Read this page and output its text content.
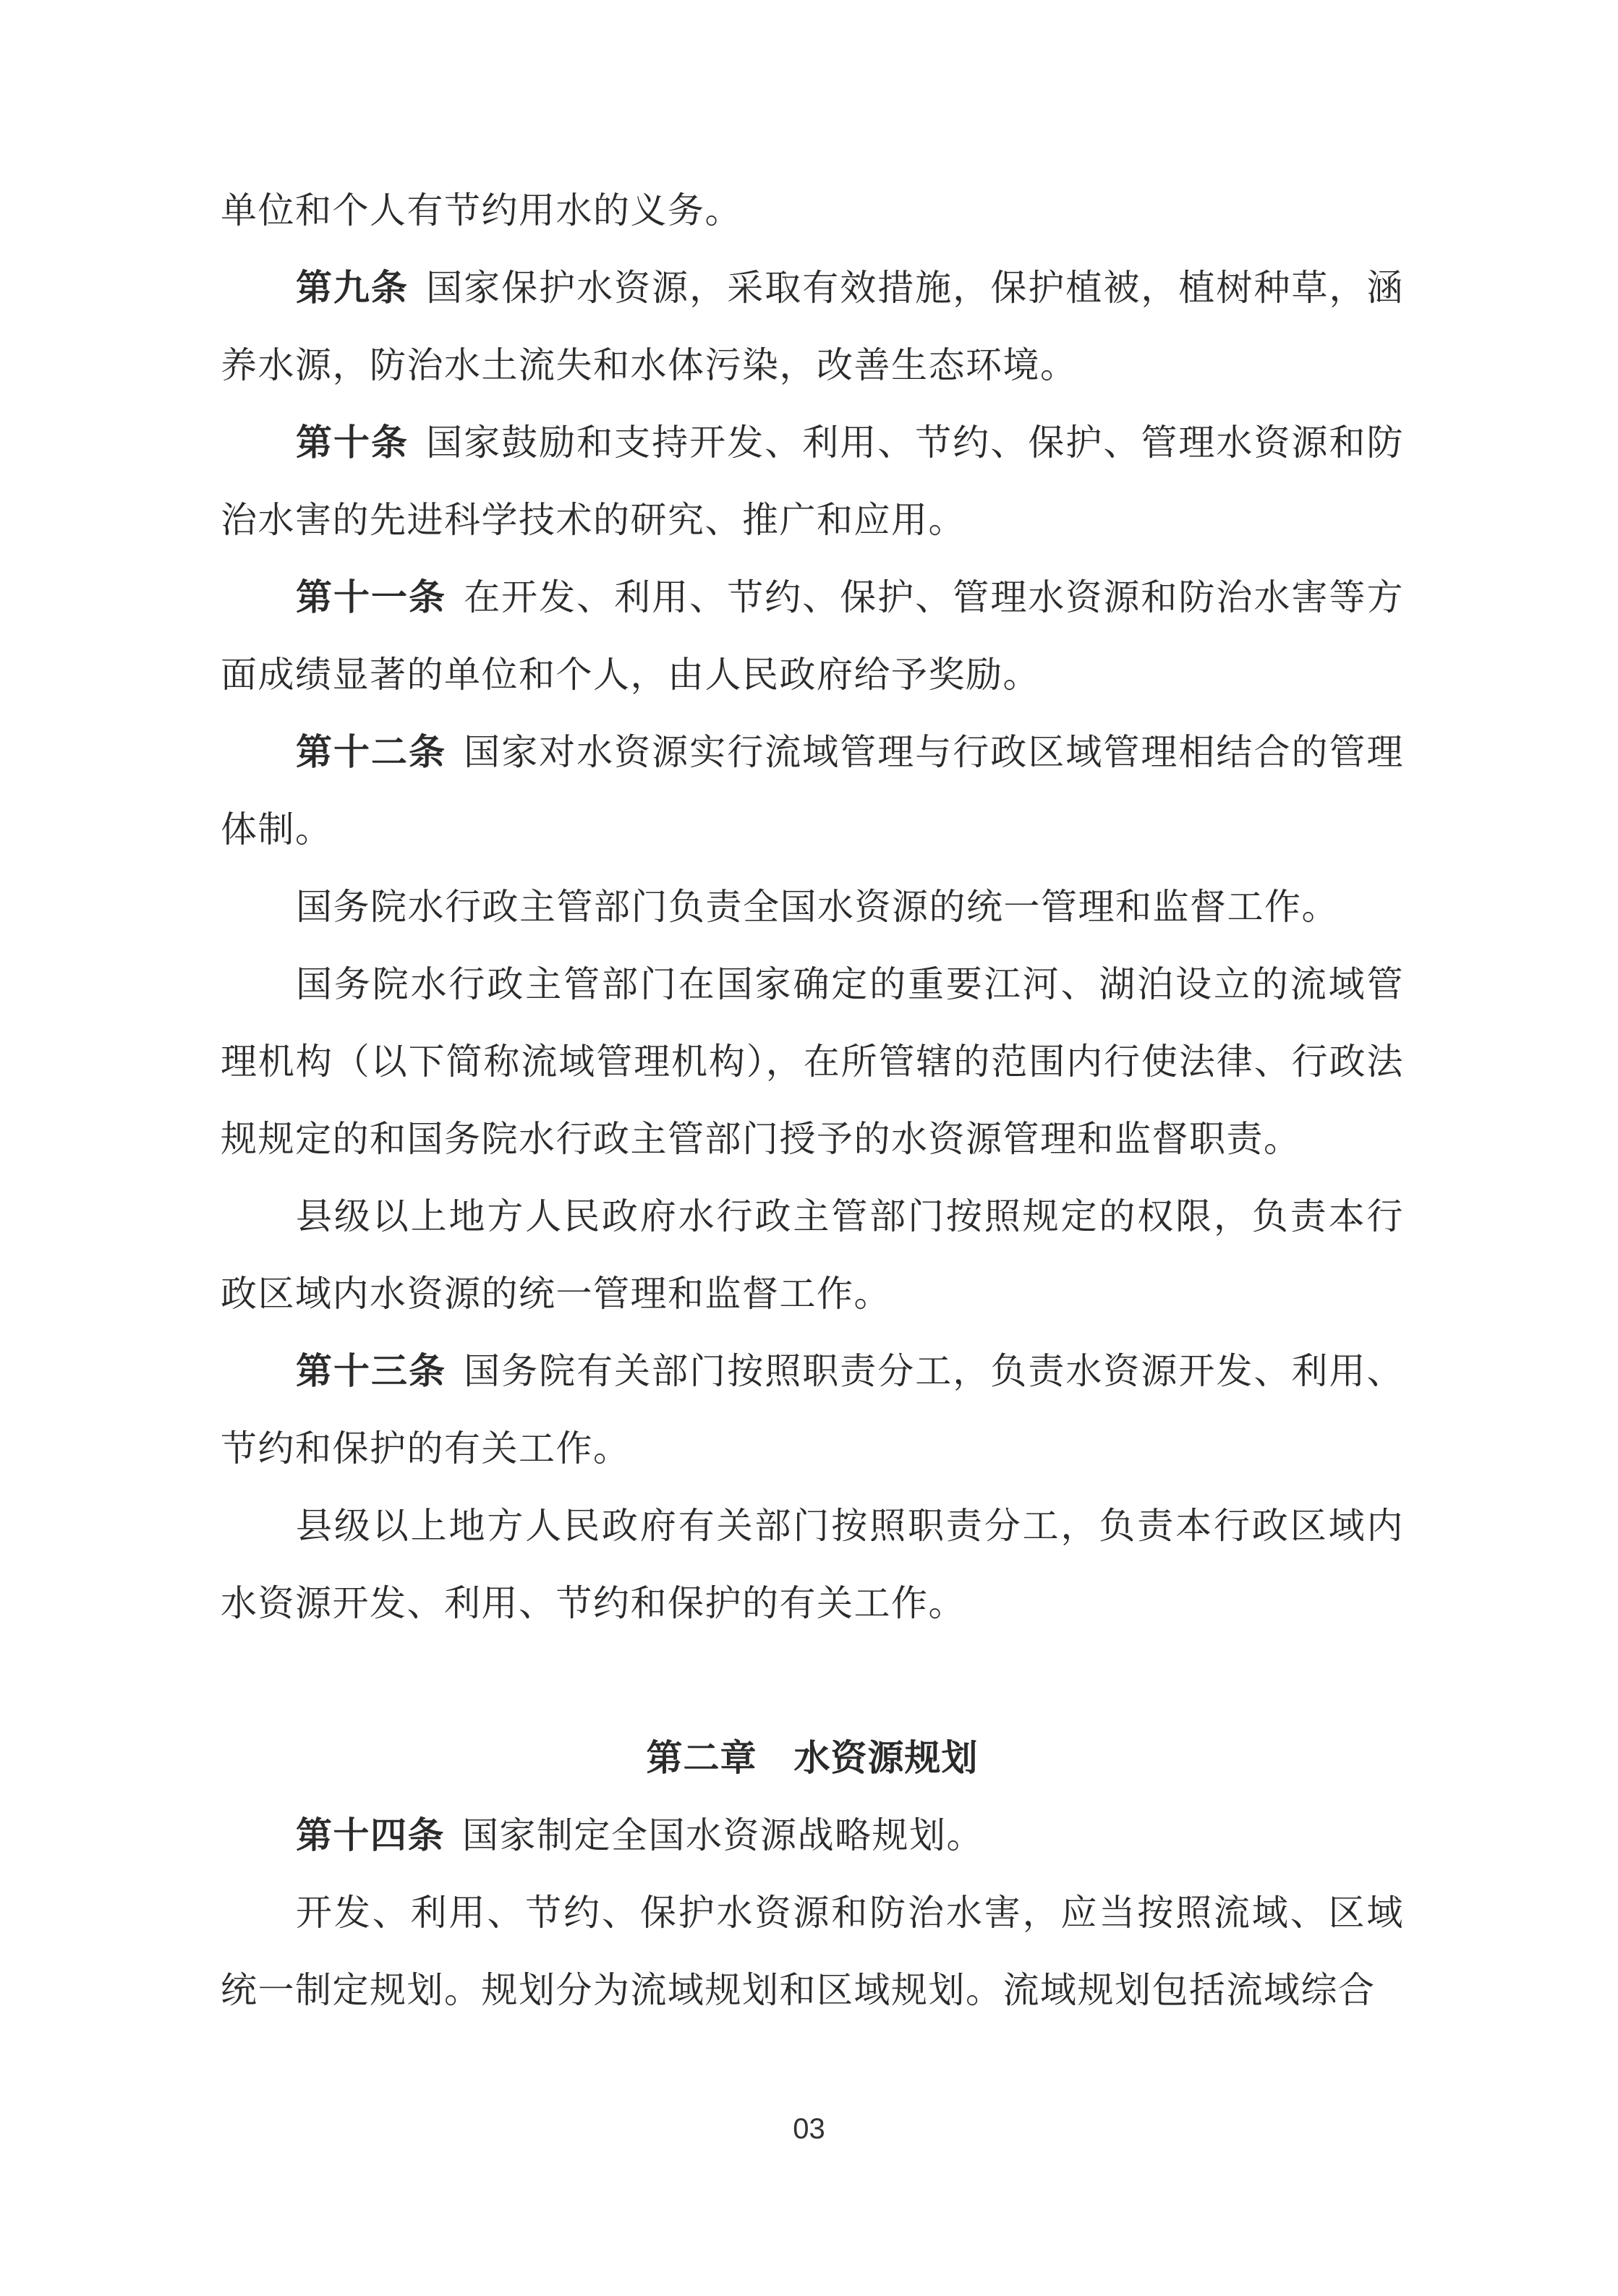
单位和个人有节约用水的义务。

第九条 国家保护水资源，采取有效措施，保护植被，植树种草，涵养水源，防治水土流失和水体污染，改善生态环境。

第十条 国家鼓励和支持开发、利用、节约、保护、管理水资源和防治水害的先进科学技术的研究、推广和应用。

第十一条 在开发、利用、节约、保护、管理水资源和防治水害等方面成绩显著的单位和个人，由人民政府给予奖励。

第十二条 国家对水资源实行流域管理与行政区域管理相结合的管理体制。

国务院水行政主管部门负责全国水资源的统一管理和监督工作。

国务院水行政主管部门在国家确定的重要江河、湖泊设立的流域管理机构（以下简称流域管理机构），在所管辖的范围内行使法律、行政法规规定的和国务院水行政主管部门授予的水资源管理和监督职责。

县级以上地方人民政府水行政主管部门按照规定的权限，负责本行政区域内水资源的统一管理和监督工作。

第十三条 国务院有关部门按照职责分工，负责水资源开发、利用、节约和保护的有关工作。

县级以上地方人民政府有关部门按照职责分工，负责本行政区域内水资源开发、利用、节约和保护的有关工作。

第二章　水资源规划

第十四条 国家制定全国水资源战略规划。

开发、利用、节约、保护水资源和防治水害，应当按照流域、区域统一制定规划。规划分为流域规划和区域规划。流域规划包括流域综合

03
